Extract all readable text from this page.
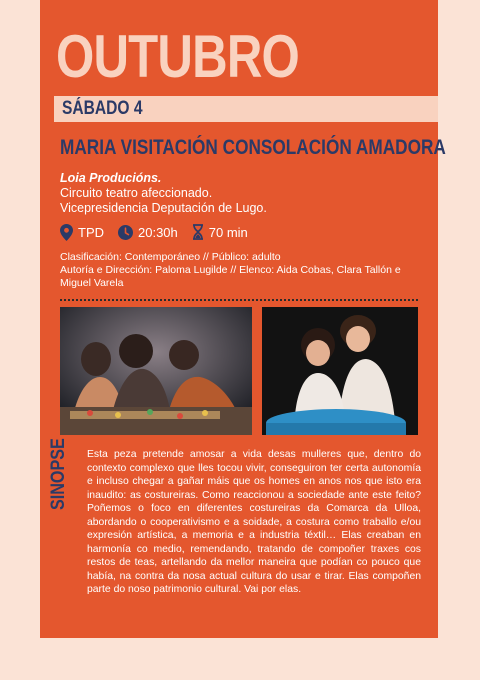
OUTUBRO
SÁBADO 4
MARIA VISITACIÓN CONSOLACIÓN AMADORA
Loia Producións.
Circuito teatro afeccionado.
Vicepresidencia Deputación de Lugo.
TPD	20:30h 70 min
Clasificación: Contemporáneo // Público: adulto
Autoría e Dirección: Paloma Lugilde // Elenco: Aida Cobas, Clara Tallón e Miguel Varela
SINOPSE Esta peza pretende amosar a vida desas mulleres que, dentro do contexto complexo que lles tocou vivir, conseguiron ter certa autonomía e incluso chegar a gañar máis que os homes en anos nos que isto era inaudito: as costureiras. Como reaccionou a sociedade ante este feito? Poñemos o foco en diferentes costureiras da Comarca da Ulloa, abordando o cooperativismo e a soidade, a costura como traballo e/ou expresión artística, a memoria e a industria téxtil… Elas creaban en harmonía co medio, remendando, tratando de compoñer traxes cos restos de teas, artellando da mellor maneira que podían co pouco que había, na contra da nosa actual cultura do usar e tirar. Elas compoñen parte do noso patrimonio cultural. Vai por elas.
